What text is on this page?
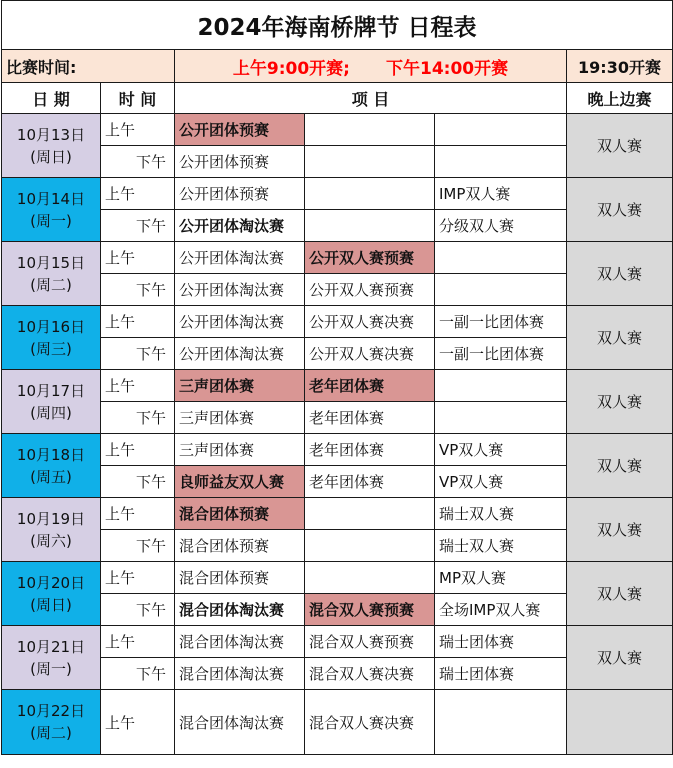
2024年海南桥牌节 日程表					
比赛时间:		上午9:00开赛; 下午14:00开赛			19:30开赛
日 期	时 间	项 目			晚上边赛

10月13日
(周日)	上午	公开团体预赛			双人赛
	下午	公开团体预赛			

10月14日
(周一)	上午	公开团体预赛		IMP双人赛	双人赛
	下午	公开团体淘汰赛		分级双人赛	

10月15日
(周二)	上午	公开团体淘汰赛	公开双人赛预赛		双人赛
	下午	公开团体淘汰赛	公开双人赛预赛		

10月16日
(周三)	上午	公开团体淘汰赛	公开双人赛决赛	一副一比团体赛	双人赛
	下午	公开团体淘汰赛	公开双人赛决赛	一副一比团体赛	

10月17日
(周四)	上午	三声团体赛	老年团体赛		双人赛
	下午	三声团体赛	老年团体赛		

10月18日
(周五)	上午	三声团体赛	老年团体赛	VP双人赛	双人赛
	下午	良师益友双人赛	老年团体赛	VP双人赛	

10月19日
(周六)	上午	混合团体预赛		瑞士双人赛	双人赛
	下午	混合团体预赛		瑞士双人赛	

10月20日
(周日)	上午	混合团体预赛		MP双人赛	双人赛
	下午	混合团体淘汰赛	混合双人赛预赛	全场IMP双人赛	

10月21日
(周一)	上午	混合团体淘汰赛	混合双人赛预赛	瑞士团体赛	双人赛
	下午	混合团体淘汰赛	混合双人赛决赛	瑞士团体赛	

10月22日
(周二)	上午	混合团体淘汰赛	混合双人赛决赛		
